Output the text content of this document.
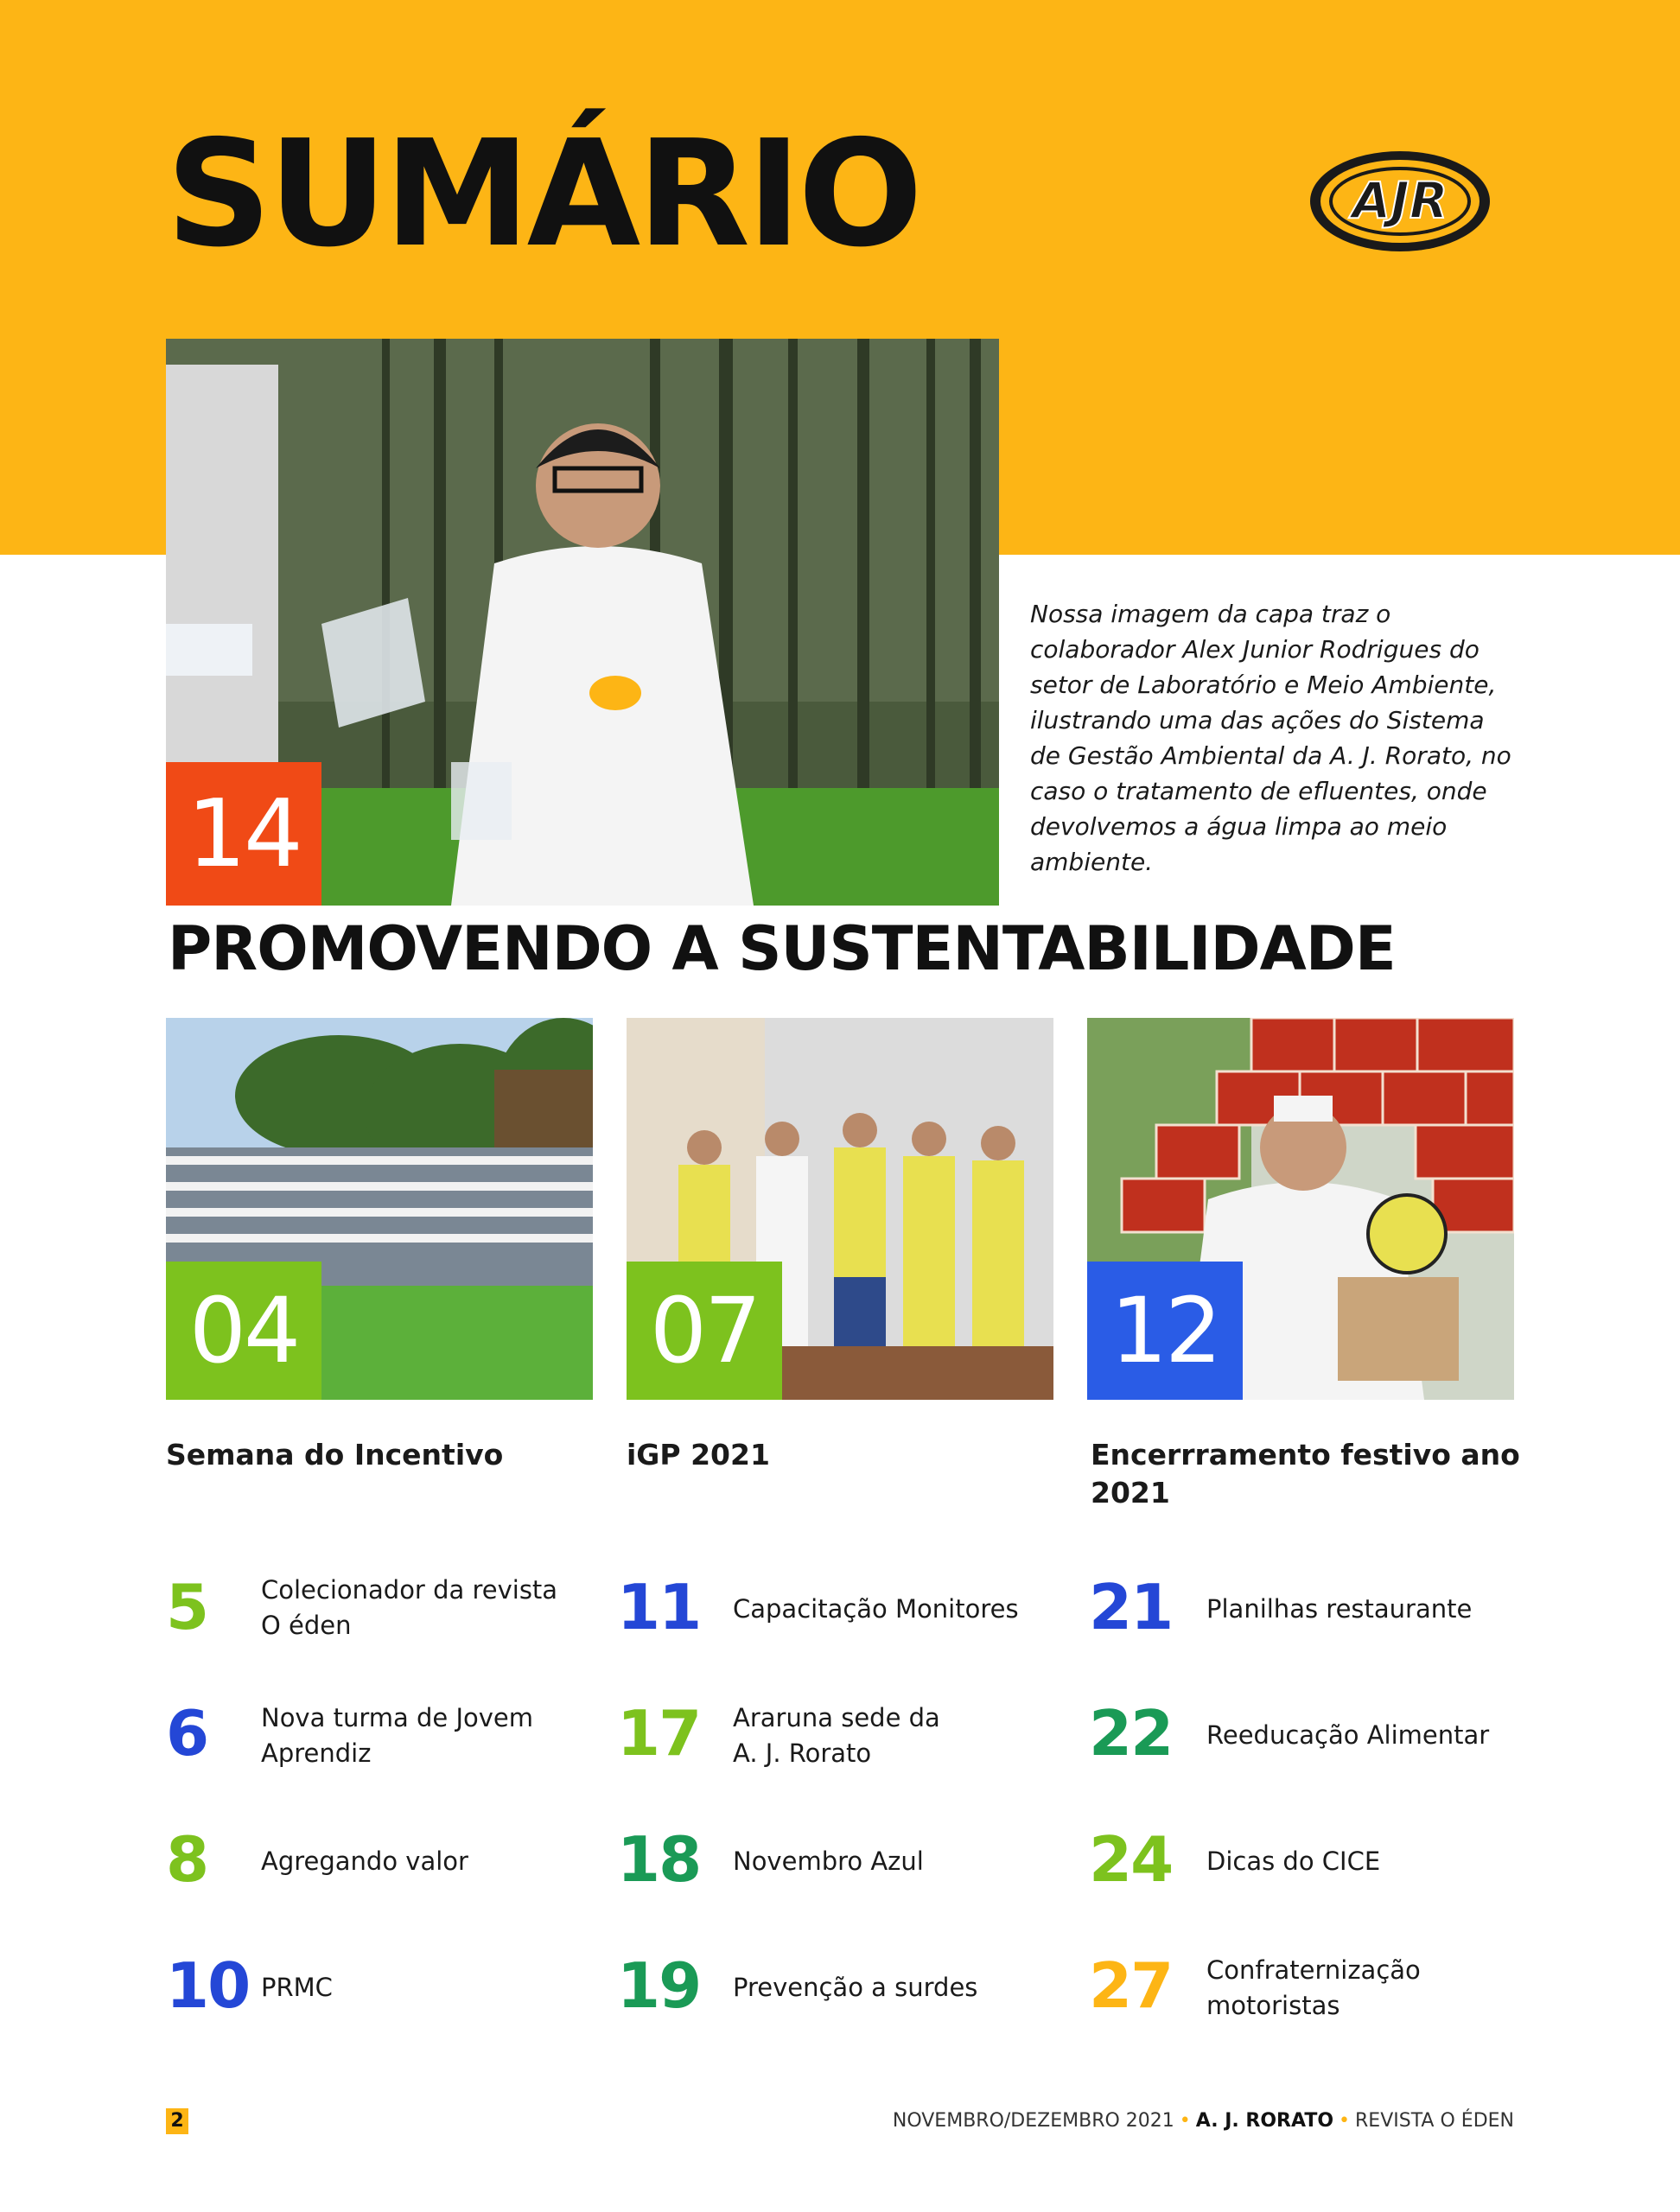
SUMÁRIO	AJR
14

Nossa imagem da capa traz o colaborador Alex Junior Rodrigues do setor de Laboratório e Meio Ambiente, ilustrando uma das ações do Sistema de Gestão Ambiental da A. J. Rorato, no caso o tratamento de efluentes, onde devolvemos a água limpa ao meio ambiente.

PROMOVENDO A SUSTENTABILIDADE
04
Semana do Incentivo
07
iGP 2021
12
Encerrramento festivo ano 2021
5 Colecionador da revista
O éden
6 Nova turma de Jovem
Aprendiz
8 Agregando valor
10 PRMC
11 Capacitação Monitores
17 Araruna sede da
A. J. Rorato
18 Novembro Azul
19 Prevenção a surdes
21 Planilhas restaurante
22 Reeducação Alimentar
24 Dicas do CICE
27 Confraternização
motoristas
2	NOVEMBRO/DEZEMBRO 2021 • A. J. RORATO • REVISTA O ÉDEN
